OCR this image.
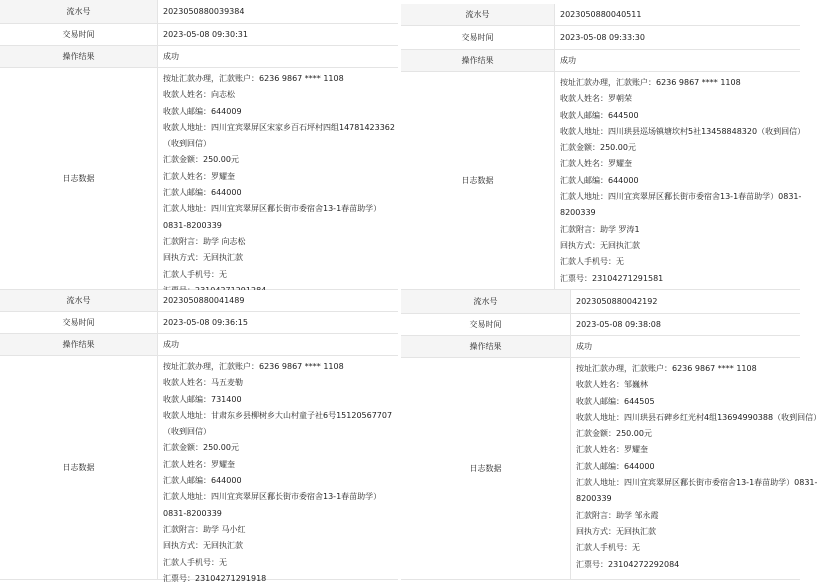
流水号	2023050880039384
交易时间	2023-05-08 09:30:31
操作结果	成功
日志数据
按址汇款办理，汇款账户：6236 9867 **** 1108
收款人姓名：向志松
收款人邮编：644009
收款人地址：四川宜宾翠屏区宋家乡百石坪村四组14781423362（收到回信）
汇款金额：250.00元
汇款人姓名：罗耀奎
汇款人邮编：644000
汇款人地址：四川宜宾翠屏区鄱长街市委宿舍13-1春苗助学）0831-8200339
汇款附言：助学 向志松
回执方式：无回执汇款
汇款人手机号：无
流水号	2023050880040511
交易时间	2023-05-08 09:33:30
操作结果	成功
日志数据
按址汇款办理，汇款账户：6236 9867 **** 1108
收款人姓名：罗朝荣
收款人邮编：644500
收款人地址：四川珙县巡场镇塘坎村5社13458848320（收到回信）
汇款金额：250.00元
汇款人姓名：罗耀奎
汇款人邮编：644000
汇款人地址：四川宜宾翠屏区鄱长街市委宿舍13-1春苗助学）0831-8200339
汇款附言：助学 罗涛1
回执方式：无回执汇款
汇款人手机号：无
汇票号：23104271291581
流水号	2023050880041489
交易时间	2023-05-08 09:36:15
操作结果	成功
日志数据
按址汇款办理，汇款账户：6236 9867 **** 1108
收款人姓名：马五麦勒
收款人邮编：731400
收款人地址：甘肃东乡县柳树乡大山村童子社6号15120567707（收到回信）
汇款金额：250.00元
汇款人姓名：罗耀奎
汇款人邮编：644000
汇款人地址：四川宜宾翠屏区鄱长街市委宿舍13-1春苗助学）0831-8200339
汇款附言：助学 马小红
回执方式：无回执汇款
汇款人手机号：无
汇票号：23104271291918
流水号	2023050880042192
交易时间	2023-05-08 09:38:08
操作结果	成功
日志数据
按址汇款办理，汇款账户：6236 9867 **** 1108
收款人姓名：邹巍林
收款人邮编：644505
收款人地址：四川珙县石碑乡红光村4组13694990388（收到回信）
汇款金额：250.00元
汇款人姓名：罗耀奎
汇款人邮编：644000
汇款人地址：四川宜宾翠屏区鄱长街市委宿舍13-1春苗助学）0831-8200339
汇款附言：助学 邹永霞
回执方式：无回执汇款
汇款人手机号：无
汇票号：23104272292084
